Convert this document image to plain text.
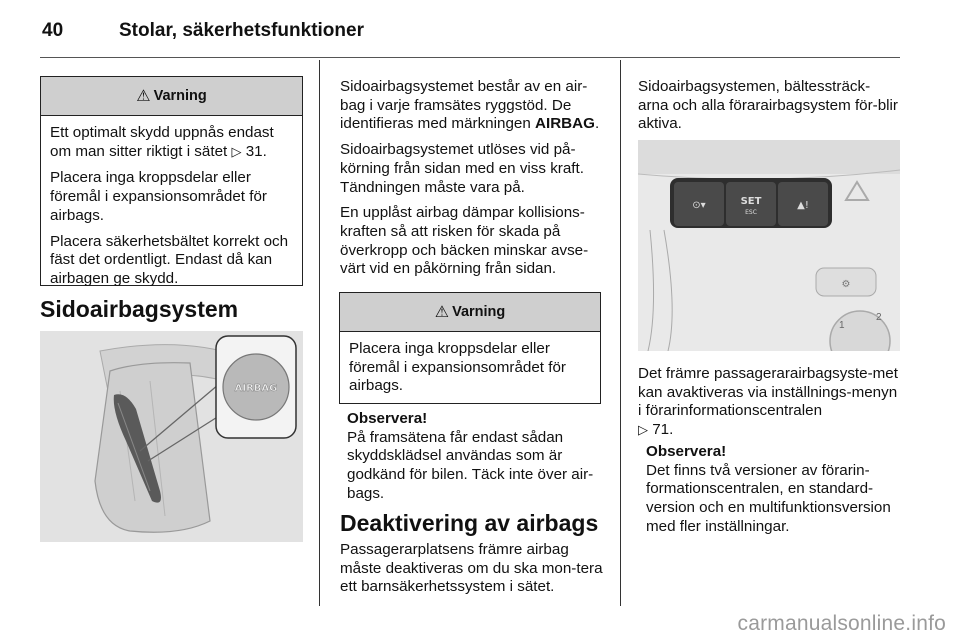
40	Stolar, säkerhetsfunktioner
⚠ Varning

Ett optimalt skydd uppnås endast om man sitter riktigt i sätet ▷ 31.

Placera inga kroppsdelar eller föremål i expansionsområdet för airbags.

Placera säkerhetsbältet korrekt och fäst det ordentligt. Endast då kan airbagen ge skydd.

Sidoairbagsystem
AIRBAG

Sidoairbagsystemet består av en air-bag i varje framsätes ryggstöd. De identifieras med märkningen AIRBAG.

Sidoairbagsystemet utlöses vid på-körning från sidan med en viss kraft. Tändningen måste vara på.

En upplåst airbag dämpar kollisions-kraften så att risken för skada på överkropp och bäcken minskar avse-värt vid en påkörning från sidan.

⚠ Varning

Placera inga kroppsdelar eller föremål i expansionsområdet för airbags.

Observera!
På framsätena får endast sådan skyddsklädsel användas som är godkänd för bilen. Täck inte över air-bags.
Deaktivering av airbags
Passagerarplatsens främre airbag måste deaktiveras om du ska mon-tera ett barnsäkerhetssystem i sätet.
Sidoairbagsystemen, bältessträck-arna och alla förarairbagsystem för-blir aktiva.
⊙▾	SET
ESC
▲!
⚙
1
2
Det främre passagerarairbagsyste-met kan avaktiveras via inställnings-menyn i förarinformationscentralen
▷ 71.
Observera!
Det finns två versioner av förarin-formationscentralen, en standard-version och en multifunktionsversion med fler inställningar.
carmanualsonline.info
